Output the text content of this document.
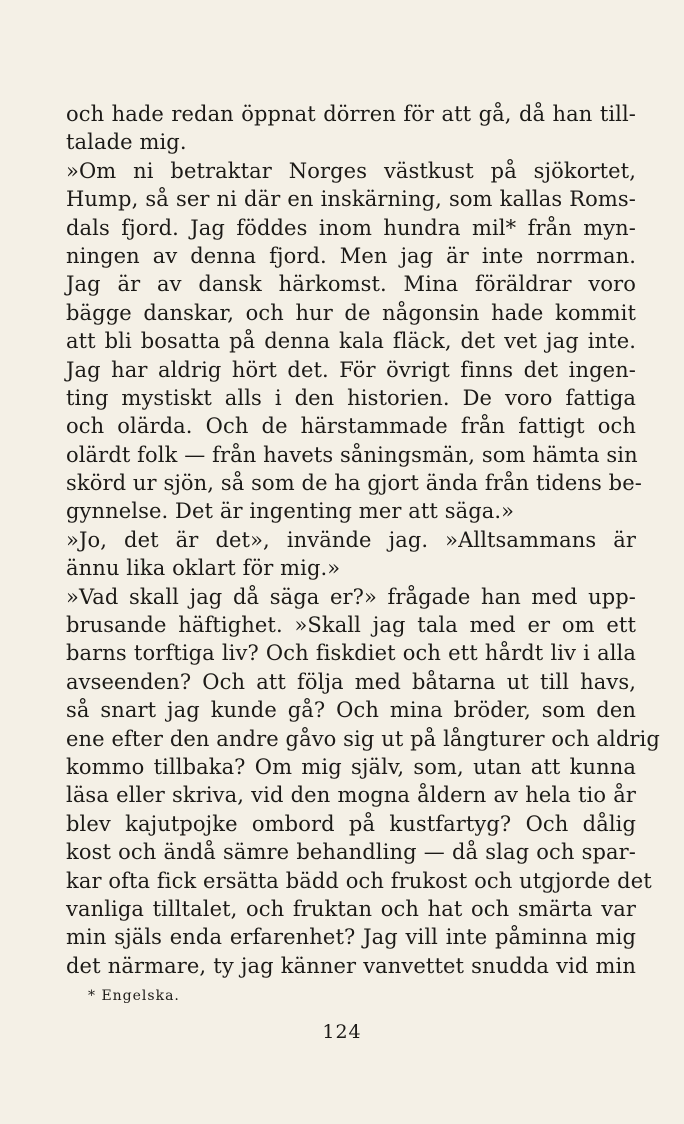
och hade redan öppnat dörren för att gå, då han till-
talade mig.
»Om ni betraktar Norges västkust på sjökortet,
Hump, så ser ni där en inskärning, som kallas Roms-
dals fjord. Jag föddes inom hundra mil* från myn-
ningen av denna fjord. Men jag är inte norrman.
Jag är av dansk härkomst. Mina föräldrar voro
bägge danskar, och hur de någonsin hade kommit
att bli bosatta på denna kala fläck, det vet jag inte.
Jag har aldrig hört det. För övrigt finns det ingen-
ting mystiskt alls i den historien. De voro fattiga
och olärda. Och de härstammade från fattigt och
olärdt folk — från havets såningsmän, som hämta sin
skörd ur sjön, så som de ha gjort ända från tidens be-
gynnelse. Det är ingenting mer att säga.»
»Jo, det är det», invände jag. »Alltsammans är
ännu lika oklart för mig.»
»Vad skall jag då säga er?» frågade han med upp-
brusande häftighet. »Skall jag tala med er om ett
barns torftiga liv? Och fiskdiet och ett hårdt liv i alla
avseenden? Och att följa med båtarna ut till havs,
så snart jag kunde gå? Och mina bröder, som den
ene efter den andre gåvo sig ut på långturer och aldrig
kommo tillbaka? Om mig själv, som, utan att kunna
läsa eller skriva, vid den mogna åldern av hela tio år
blev kajutpojke ombord på kustfartyg? Och dålig
kost och ändå sämre behandling — då slag och spar-
kar ofta fick ersätta bädd och frukost och utgjorde det
vanliga tilltalet, och fruktan och hat och smärta var
min själs enda erfarenhet? Jag vill inte påminna mig
det närmare, ty jag känner vanvettet snudda vid min
* Engelska.
124
